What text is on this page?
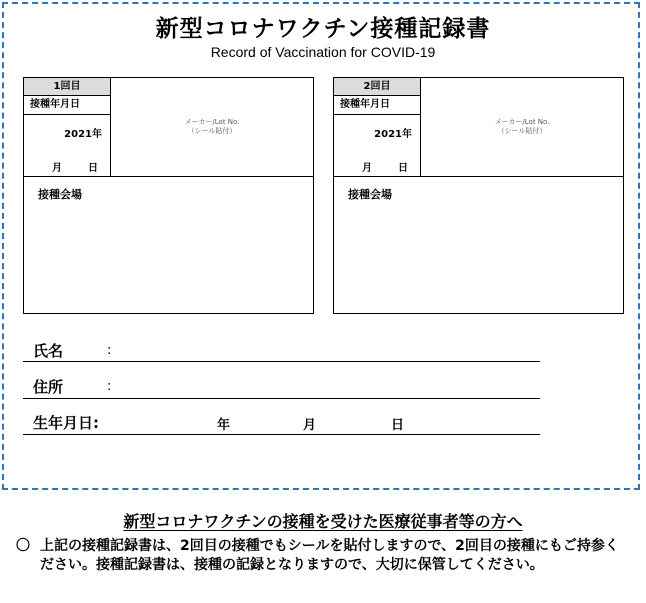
新型コロナワクチン接種記録書
Record of Vaccination for COVID-19
1回目
接種年月日
2021年
月	日
メーカー/Lot No.
（シール貼付）
接種会場
2回目
接種年月日
2021年
月	日
メーカー/Lot No.
（シール貼付）
接種会場
氏名	:
住所	:
生年月日:	年	月	日
新型コロナワクチンの接種を受けた医療従事者等の方へ
〇 上記の接種記録書は、2回目の接種でもシールを貼付しますので、2回目の接種にもご持参ください。接種記録書は、接種の記録となりますので、大切に保管してください。
